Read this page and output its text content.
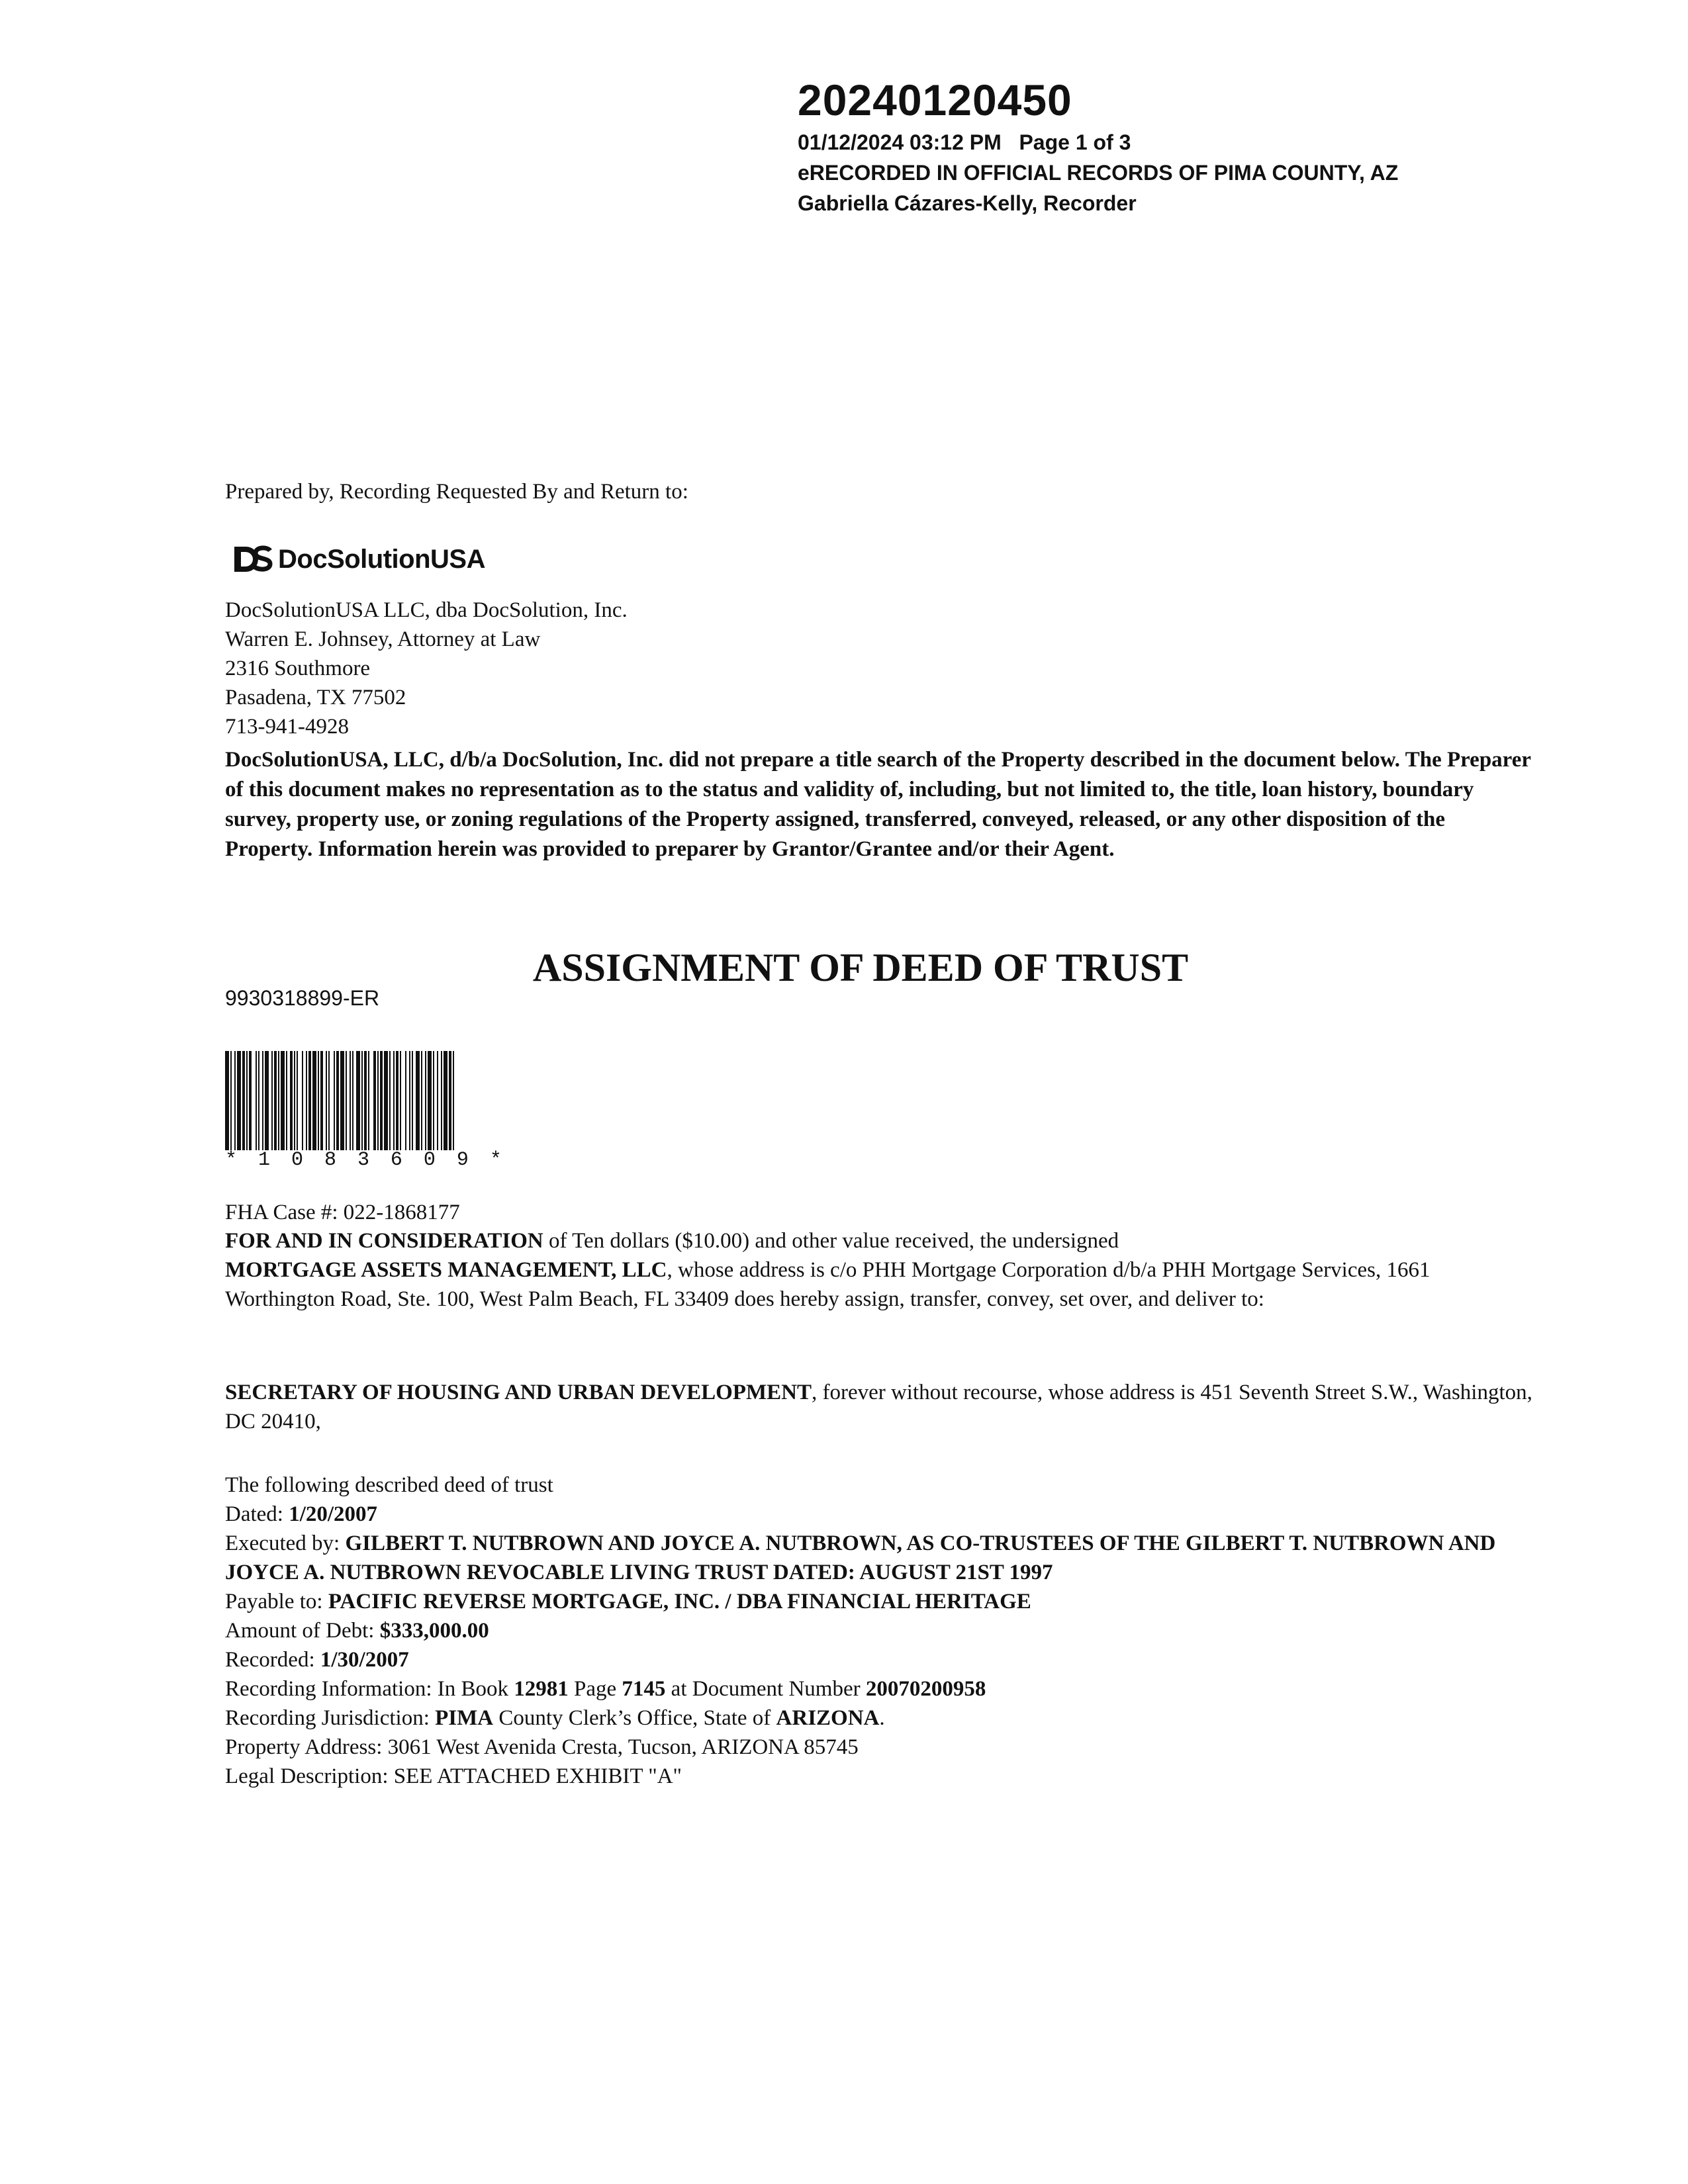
20240120450
01/12/2024 03:12 PM Page 1 of 3
eRECORDED IN OFFICIAL RECORDS OF PIMA COUNTY, AZ
Gabriella Cázares-Kelly, Recorder
Prepared by, Recording Requested By and Return to:
DocSolutionUSA
DocSolutionUSA LLC, dba DocSolution, Inc.
Warren E. Johnsey, Attorney at Law
2316 Southmore
Pasadena, TX 77502
713-941-4928
DocSolutionUSA, LLC, d/b/a DocSolution, Inc. did not prepare a title search of the Property described in the document below. The Preparer of this document makes no representation as to the status and validity of, including, but not limited to, the title, loan history, boundary survey, property use, or zoning regulations of the Property assigned, transferred, conveyed, released, or any other disposition of the Property. Information herein was provided to preparer by Grantor/Grantee and/or their Agent.
ASSIGNMENT OF DEED OF TRUST
9930318899-ER
* 1 0 8 3 6 0 9 *
FHA Case #: 022-1868177
FOR AND IN CONSIDERATION of Ten dollars ($10.00) and other value received, the undersigned
MORTGAGE ASSETS MANAGEMENT, LLC, whose address is c/o PHH Mortgage Corporation d/b/a PHH Mortgage Services, 1661 Worthington Road, Ste. 100, West Palm Beach, FL 33409 does hereby assign, transfer, convey, set over, and deliver to:
SECRETARY OF HOUSING AND URBAN DEVELOPMENT, forever without recourse, whose address is 451 Seventh Street S.W., Washington, DC 20410,
The following described deed of trust
Dated: 1/20/2007
Executed by: GILBERT T. NUTBROWN AND JOYCE A. NUTBROWN, AS CO-TRUSTEES OF THE GILBERT T. NUTBROWN AND JOYCE A. NUTBROWN REVOCABLE LIVING TRUST DATED: AUGUST 21ST 1997
Payable to: PACIFIC REVERSE MORTGAGE, INC. / DBA FINANCIAL HERITAGE
Amount of Debt: $333,000.00
Recorded: 1/30/2007
Recording Information: In Book 12981 Page 7145 at Document Number 20070200958
Recording Jurisdiction: PIMA County Clerk’s Office, State of ARIZONA.
Property Address: 3061 West Avenida Cresta, Tucson, ARIZONA 85745
Legal Description: SEE ATTACHED EXHIBIT "A"
